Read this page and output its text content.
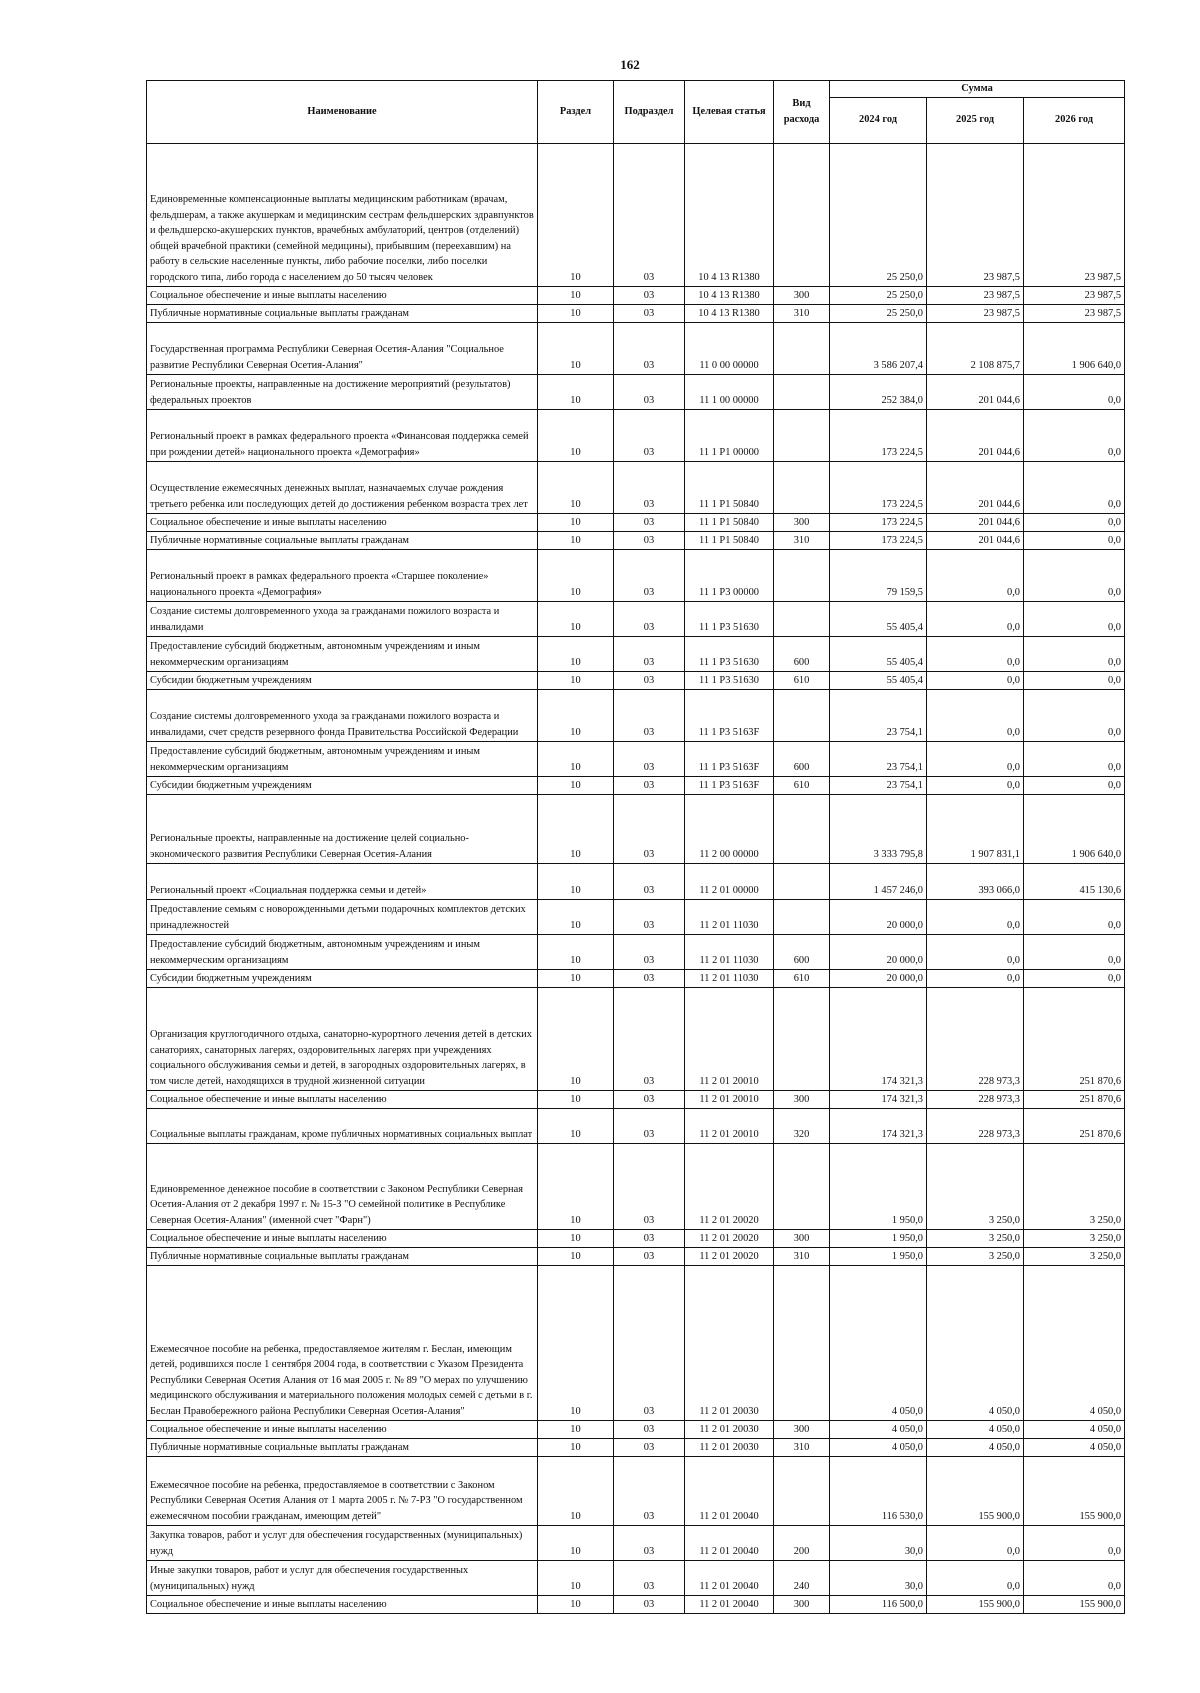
162
Наименование	Раздел	Подраздел	Целевая статья	Вид расхода	Сумма		
					2024 год	2025 год	2026 год
Единовременные компенсационные выплаты медицинским работникам (врачам, фельдшерам, а также акушеркам и медицинским сестрам фельдшерских здравпунктов и фельдшерско-акушерских пунктов, врачебных амбулаторий, центров (отделений) общей врачебной практики (семейной медицины), прибывшим (переехавшим) на работу в сельские населенные пункты, либо рабочие поселки, либо поселки городского типа, либо города с населением до 50 тысяч человек	10	03	10 4 13 R1380		25 250,0	23 987,5	23 987,5
Социальное обеспечение и иные выплаты населению	10	03	10 4 13 R1380	300	25 250,0	23 987,5	23 987,5
Публичные нормативные социальные выплаты гражданам	10	03	10 4 13 R1380	310	25 250,0	23 987,5	23 987,5
Государственная программа Республики Северная Осетия-Алания "Социальное развитие Республики Северная Осетия-Алания"	10	03	11 0 00 00000		3 586 207,4	2 108 875,7	1 906 640,0
Региональные проекты, направленные на достижение мероприятий (результатов) федеральных проектов	10	03	11 1 00 00000		252 384,0	201 044,6	0,0
Региональный проект в рамках федерального проекта «Финансовая поддержка семей при рождении детей» национального проекта «Демография»	10	03	11 1 Р1 00000		173 224,5	201 044,6	0,0
Осуществление ежемесячных денежных выплат, назначаемых случае рождения третьего ребенка или последующих детей до достижения ребенком возраста трех лет	10	03	11 1 Р1 50840		173 224,5	201 044,6	0,0
Социальное обеспечение и иные выплаты населению	10	03	11 1 Р1 50840	300	173 224,5	201 044,6	0,0
Публичные нормативные социальные выплаты гражданам	10	03	11 1 Р1 50840	310	173 224,5	201 044,6	0,0
Региональный проект в рамках федерального проекта «Старшее поколение» национального проекта «Демография»	10	03	11 1 Р3 00000		79 159,5	0,0	0,0
Создание системы долговременного ухода за гражданами пожилого возраста и инвалидами	10	03	11 1 Р3 51630		55 405,4	0,0	0,0
Предоставление субсидий бюджетным, автономным учреждениям и иным некоммерческим организациям	10	03	11 1 Р3 51630	600	55 405,4	0,0	0,0
Субсидии бюджетным учреждениям	10	03	11 1 Р3 51630	610	55 405,4	0,0	0,0
Создание системы долговременного ухода за гражданами пожилого возраста и инвалидами, счет средств резервного фонда Правительства Российской Федерации	10	03	11 1 Р3 5163F		23 754,1	0,0	0,0
Предоставление субсидий бюджетным, автономным учреждениям и иным некоммерческим организациям	10	03	11 1 Р3 5163F	600	23 754,1	0,0	0,0
Субсидии бюджетным учреждениям	10	03	11 1 Р3 5163F	610	23 754,1	0,0	0,0
Региональные проекты, направленные на достижение целей социально-экономического развития Республики Северная Осетия-Алания	10	03	11 2 00 00000		3 333 795,8	1 907 831,1	1 906 640,0
Региональный проект «Социальная поддержка семьи и детей»	10	03	11 2 01 00000		1 457 246,0	393 066,0	415 130,6
Предоставление семьям с новорожденными детьми подарочных комплектов детских принадлежностей	10	03	11 2 01 11030		20 000,0	0,0	0,0
Предоставление субсидий бюджетным, автономным учреждениям и иным некоммерческим организациям	10	03	11 2 01 11030	600	20 000,0	0,0	0,0
Субсидии бюджетным учреждениям	10	03	11 2 01 11030	610	20 000,0	0,0	0,0
Организация круглогодичного отдыха, санаторно-курортного лечения детей в детских санаториях, санаторных лагерях, оздоровительных лагерях при учреждениях социального обслуживания семьи и детей, в загородных оздоровительных лагерях, в том числе детей, находящихся в трудной жизненной ситуации	10	03	11 2 01 20010		174 321,3	228 973,3	251 870,6
Социальное обеспечение и иные выплаты населению	10	03	11 2 01 20010	300	174 321,3	228 973,3	251 870,6
Социальные выплаты гражданам, кроме публичных нормативных социальных выплат	10	03	11 2 01 20010	320	174 321,3	228 973,3	251 870,6
Единовременное денежное пособие в соответствии с Законом Республики Северная Осетия-Алания от 2 декабря 1997 г. № 15-З "О семейной политике в Республике Северная Осетия-Алания" (именной счет "Фарн")	10	03	11 2 01 20020		1 950,0	3 250,0	3 250,0
Социальное обеспечение и иные выплаты населению	10	03	11 2 01 20020	300	1 950,0	3 250,0	3 250,0
Публичные нормативные социальные выплаты гражданам	10	03	11 2 01 20020	310	1 950,0	3 250,0	3 250,0
Ежемесячное пособие на ребенка, предоставляемое жителям г. Беслан, имеющим детей, родившихся после 1 сентября 2004 года, в соответствии с Указом Президента Республики Северная Осетия Алания от 16 мая 2005 г. № 89 "О мерах по улучшению медицинского обслуживания и материального положения молодых семей с детьми в г. Беслан Правобережного района Республики Северная Осетия-Алания"	10	03	11 2 01 20030		4 050,0	4 050,0	4 050,0
Социальное обеспечение и иные выплаты населению	10	03	11 2 01 20030	300	4 050,0	4 050,0	4 050,0
Публичные нормативные социальные выплаты гражданам	10	03	11 2 01 20030	310	4 050,0	4 050,0	4 050,0
Ежемесячное пособие на ребенка, предоставляемое в соответствии с Законом Республики Северная Осетия Алания от 1 марта 2005 г. № 7-РЗ "О государственном ежемесячном пособии гражданам, имеющим детей"	10	03	11 2 01 20040		116 530,0	155 900,0	155 900,0
Закупка товаров, работ и услуг для обеспечения государственных (муниципальных) нужд	10	03	11 2 01 20040	200	30,0	0,0	0,0
Иные закупки товаров, работ и услуг для обеспечения государственных (муниципальных) нужд	10	03	11 2 01 20040	240	30,0	0,0	0,0
Социальное обеспечение и иные выплаты населению	10	03	11 2 01 20040	300	116 500,0	155 900,0	155 900,0
